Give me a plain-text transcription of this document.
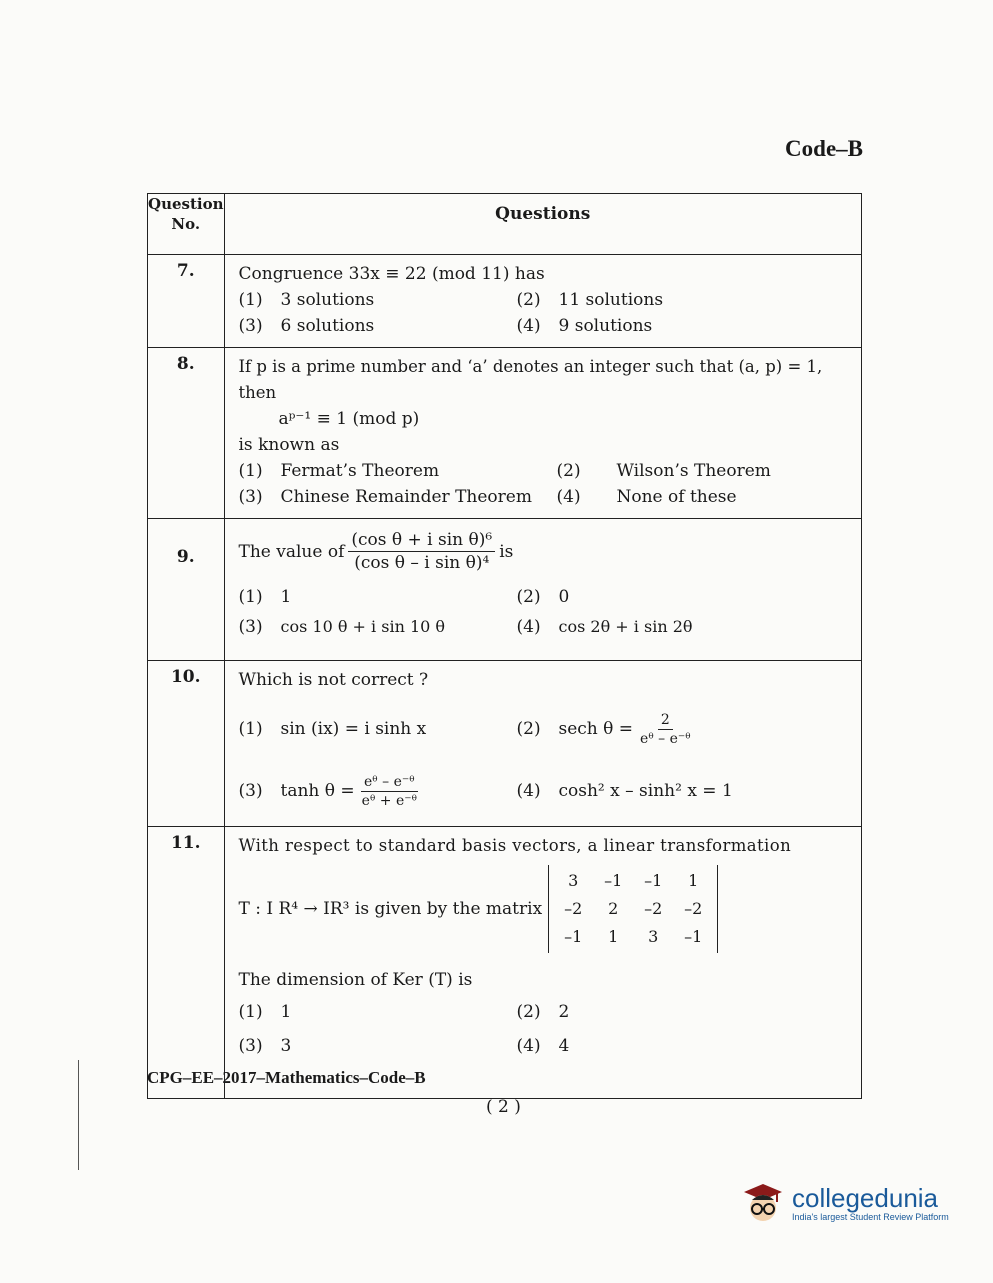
Code–B
Question No.	Questions
7.	Congruence 33x ≡ 22 (mod 11) has
(1)	3 solutions	(2)	11 solutions
(3)	6 solutions	(4)	9 solutions

8.	If p is a prime number and ‘a’ denotes an integer such that (a, p) = 1, then
aᵖ⁻¹ ≡ 1 (mod p)
is known as
(1)	Fermat’s Theorem	(2)	Wilson’s Theorem
(3)	Chinese Remainder Theorem (4)	None of these

9.	The value of $\frac{\text{(cos θ + i sin θ)⁶}}{\text{(cos θ – i sin θ)⁴}}$ is
(1)	1	(2)	0
(3)	cos 10 θ + i sin 10 θ	(4)	cos 2θ + i sin 2θ

10.	Which is not correct ?
(1)	sin (ix) = i sinh x	(2)	sech $\theta = \frac{2}{\text{eᶿ – e⁻ᶿ}}$
(3)	$\tanh \theta = \frac{\text{eᶿ – e⁻ᶿ}}{\text{eᶿ + e⁻ᶿ}}$	(4)	cosh² x – sinh² x = 1

11.	With respect to standard basis vectors, a linear transformation
T : I R⁴ → IR³ is given by the matrix
3	–1	–1	1
–2	2	–2	–2
–1	1	3	–1
The dimension of Ker (T) is
(1)	1	(2)	2
(3)	3	(4)	4
CPG–EE–2017–Mathematics–Code–B
( 2 )
collegedunia
India's largest Student Review Platform
